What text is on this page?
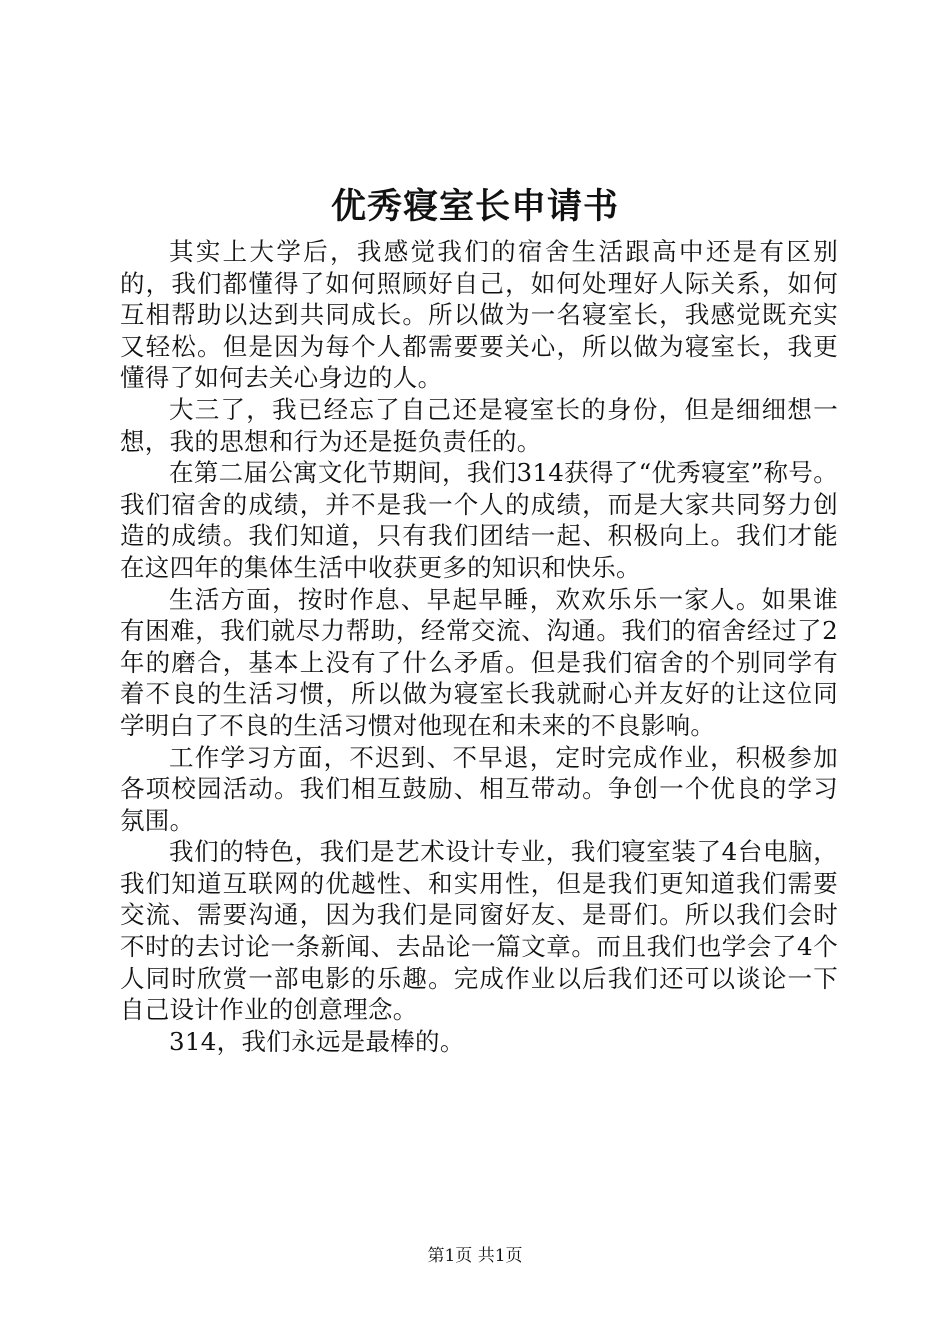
优秀寝室长申请书

其实上大学后，我感觉我们的宿舍生活跟高中还是有区别的，我们都懂得了如何照顾好自己，如何处理好人际关系，如何互相帮助以达到共同成长。所以做为一名寝室长，我感觉既充实又轻松。但是因为每个人都需要要关心，所以做为寝室长，我更懂得了如何去关心身边的人。

大三了，我已经忘了自己还是寝室长的身份，但是细细想一想，我的思想和行为还是挺负责任的。

在第二届公寓文化节期间，我们314获得了“优秀寝室”称号。我们宿舍的成绩，并不是我一个人的成绩，而是大家共同努力创造的成绩。我们知道，只有我们团结一起、积极向上。我们才能在这四年的集体生活中收获更多的知识和快乐。

生活方面，按时作息、早起早睡，欢欢乐乐一家人。如果谁有困难，我们就尽力帮助，经常交流、沟通。我们的宿舍经过了2年的磨合，基本上没有了什么矛盾。但是我们宿舍的个别同学有着不良的生活习惯，所以做为寝室长我就耐心并友好的让这位同学明白了不良的生活习惯对他现在和未来的不良影响。

工作学习方面，不迟到、不早退，定时完成作业，积极参加各项校园活动。我们相互鼓励、相互带动。争创一个优良的学习氛围。

我们的特色，我们是艺术设计专业，我们寝室装了4台电脑，我们知道互联网的优越性、和实用性，但是我们更知道我们需要交流、需要沟通，因为我们是同窗好友、是哥们。所以我们会时不时的去讨论一条新闻、去品论一篇文章。而且我们也学会了4个人同时欣赏一部电影的乐趣。完成作业以后我们还可以谈论一下自己设计作业的创意理念。

314，我们永远是最棒的。

第1页 共1页
